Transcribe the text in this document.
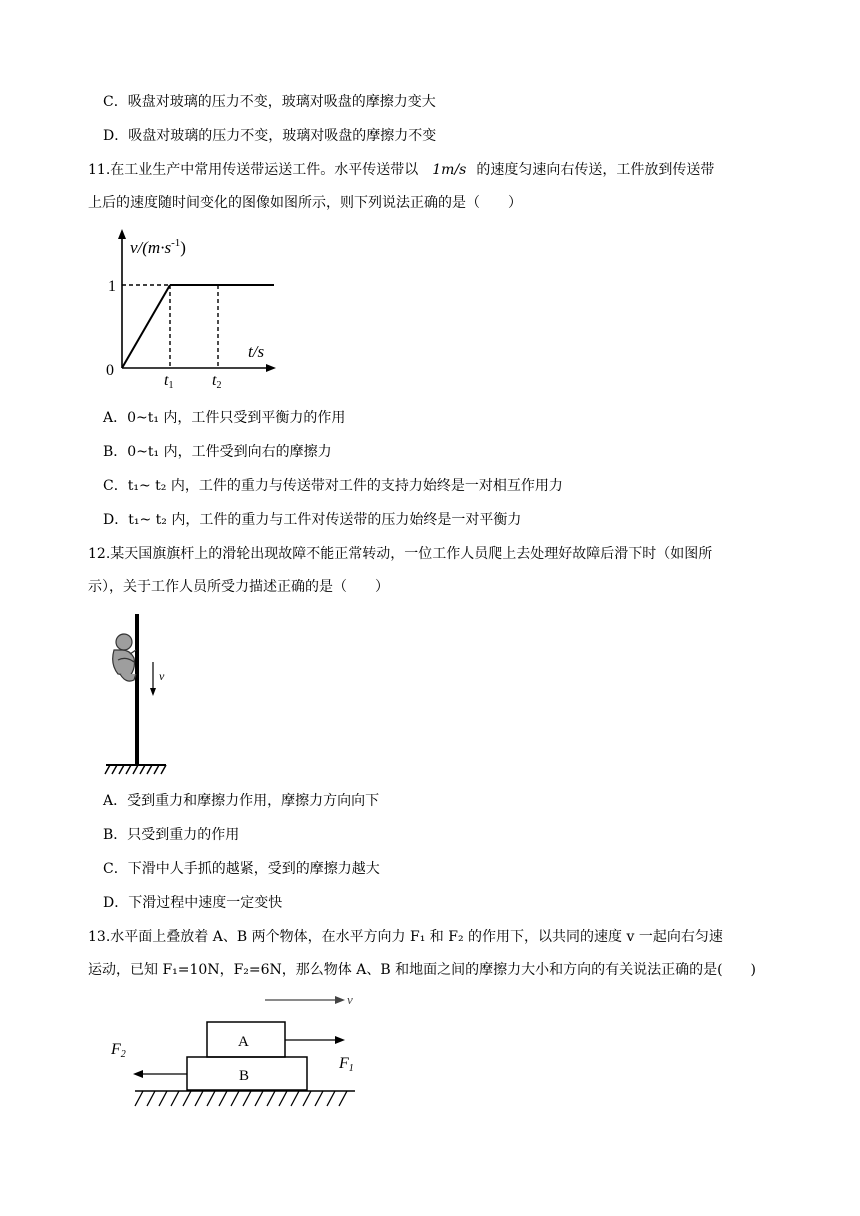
C．吸盘对玻璃的压力不变，玻璃对吸盘的摩擦力变大
D．吸盘对玻璃的压力不变，玻璃对吸盘的摩擦力不变
11.在工业生产中常用传送带运送工件。水平传送带以 1m/s 的速度匀速向右传送，工件放到传送带
上后的速度随时间变化的图像如图所示，则下列说法正确的是（　　）
$v/(m\cdot s^{-1})$
1
0
t/s
t1 t2
A．0~t₁ 内，工件只受到平衡力的作用
B．0~t₁ 内，工件受到向右的摩擦力
C．t₁~ t₂ 内，工件的重力与传送带对工件的支持力始终是一对相互作用力
D．t₁~ t₂ 内，工件的重力与工件对传送带的压力始终是一对平衡力
12.某天国旗旗杆上的滑轮出现故障不能正常转动，一位工作人员爬上去处理好故障后滑下时（如图所
示），关于工作人员所受力描述正确的是（　　）
v
A．受到重力和摩擦力作用，摩擦力方向向下
B．只受到重力的作用
C．下滑中人手抓的越紧，受到的摩擦力越大
D．下滑过程中速度一定变快
13.水平面上叠放着 A、B 两个物体，在水平方向力 F₁ 和 F₂ 的作用下，以共同的速度 v 一起向右匀速
运动，已知 F₁=10N，F₂=6N，那么物体 A、B 和地面之间的摩擦力大小和方向的有关说法正确的是(　　)
v
A
B
F1
F2
